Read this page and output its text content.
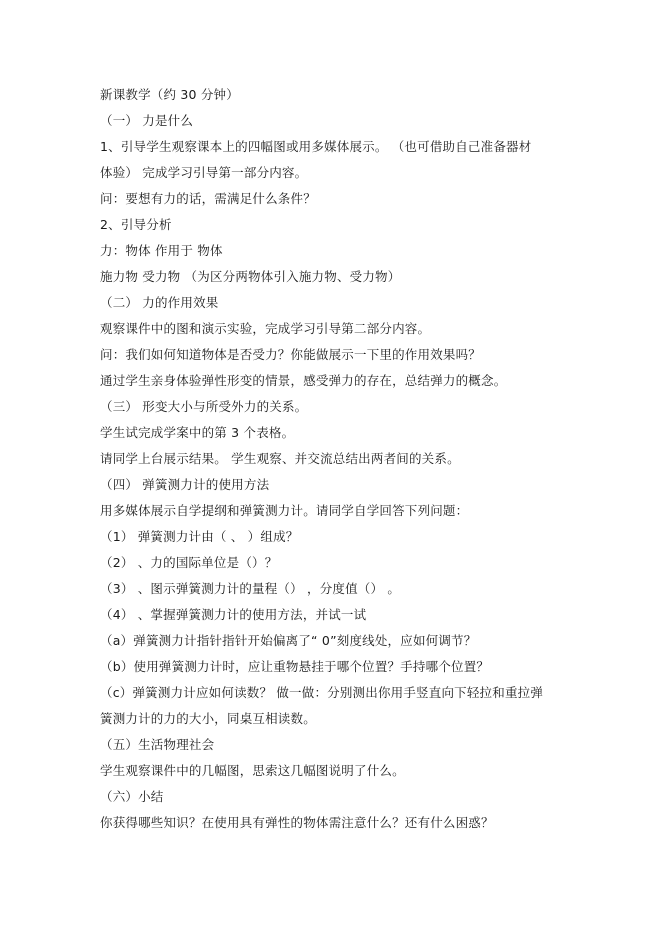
新课教学（约 30 分钟）
（一） 力是什么
1、引导学生观察课本上的四幅图或用多媒体展示。 （也可借助自己准备器材
体验） 完成学习引导第一部分内容。
问：要想有力的话，需满足什么条件？
2、引导分析
力：物体 作用于 物体
施力物 受力物 （为区分两物体引入施力物、受力物）
（二） 力的作用效果
观察课件中的图和演示实验，完成学习引导第二部分内容。
问：我们如何知道物体是否受力？你能做展示一下里的作用效果吗？
通过学生亲身体验弹性形变的情景，感受弹力的存在，总结弹力的概念。
（三） 形变大小与所受外力的关系。
学生试完成学案中的第 3 个表格。
请同学上台展示结果。 学生观察、并交流总结出两者间的关系。
（四） 弹簧测力计的使用方法
用多媒体展示自学提纲和弹簧测力计。请同学自学回答下列问题：
（1） 弹簧测力计由（ 、 ）组成？
（2） 、力的国际单位是（）？
（3） 、图示弹簧测力计的量程（） ，分度值（） 。
（4） 、掌握弹簧测力计的使用方法，并试一试
（a）弹簧测力计指针指针开始偏离了“ 0”刻度线处，应如何调节？
（b）使用弹簧测力计时，应让重物悬挂于哪个位置？手持哪个位置？
（c）弹簧测力计应如何读数？ 做一做：分别测出你用手竖直向下轻拉和重拉弹
簧测力计的力的大小，同桌互相读数。
（五）生活物理社会
学生观察课件中的几幅图，思索这几幅图说明了什么。
（六）小结
你获得哪些知识？在使用具有弹性的物体需注意什么？还有什么困惑？
